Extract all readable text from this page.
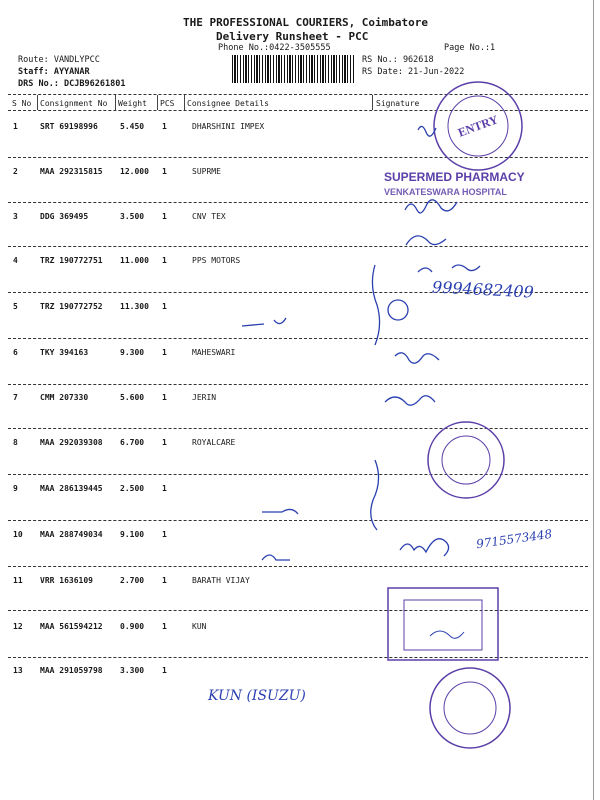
THE PROFESSIONAL COURIERS, Coimbatore
Delivery Runsheet - PCC
Phone No.:0422-3505555	Page No.:1
Route: VANDLYPCC
Staff: AYYANAR
DRS No.: DCJB96261801
RS No.: 962618
RS Date: 21-Jun-2022
S No Consignment No Weight PCS Consignee Details	Signature
1	SRT 69198996	5.450 1	DHARSHINI IMPEX
2	MAA 292315815 12.000 1	SUPRME
3	DDG 369495	3.500 1	CNV TEX
4	TRZ 190772751 11.000 1	PPS MOTORS
5	TRZ 190772752 11.300 1
6	TKY 394163	9.300 1	MAHESWARI
7	CMM 207330	5.600 1	JERIN
8	MAA 292039308 6.700 1	ROYALCARE
9	MAA 286139445 2.500 1
10 MAA 288749034 9.100 1
11 VRR 1636109	2.700 1	BARATH VIJAY
12 MAA 561594212 0.900 1	KUN
13 MAA 291059798 3.300 1
ENTRY
SUPERMED PHARMACY
VENKATESWARA HOSPITAL
9994682409
9715573448
KUN (ISUZU)
